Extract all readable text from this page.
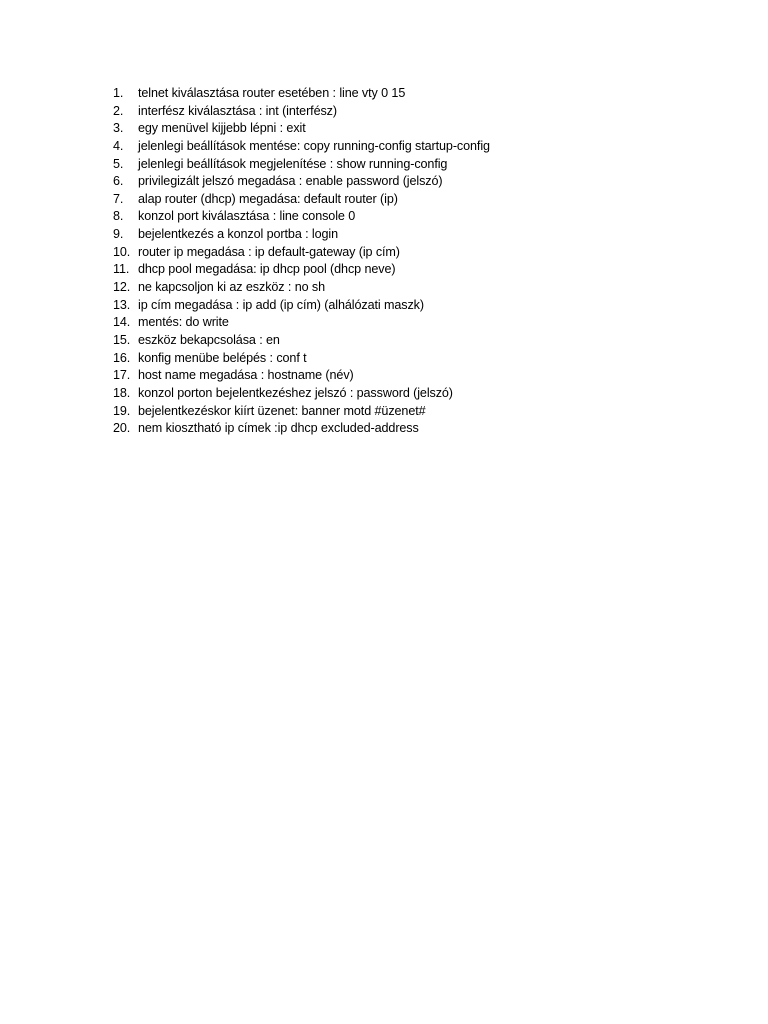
1.	telnet kiválasztása router esetében : line vty 0 15
2.	interfész kiválasztása : int (interfész)
3.	egy menüvel kijjebb lépni : exit
4.	jelenlegi beállítások mentése: copy running-config startup-config
5.	jelenlegi beállítások megjelenítése : show running-config
6.	privilegizált jelszó megadása : enable password (jelszó)
7.	alap router (dhcp) megadása: default router (ip)
8.	konzol port kiválasztása : line console 0
9.	bejelentkezés a konzol portba : login
10. router ip megadása : ip default-gateway (ip cím)
11. dhcp pool megadása: ip dhcp pool (dhcp neve)
12. ne kapcsoljon ki az eszköz : no sh
13. ip cím megadása : ip add (ip cím) (alhálózati maszk)
14. mentés: do write
15. eszköz bekapcsolása : en
16. konfig menübe belépés : conf t
17. host name megadása : hostname (név)
18. konzol porton bejelentkezéshez jelszó : password (jelszó)
19. bejelentkezéskor kiírt üzenet: banner motd #üzenet#
20. nem kiosztható ip címek :ip dhcp excluded-address
